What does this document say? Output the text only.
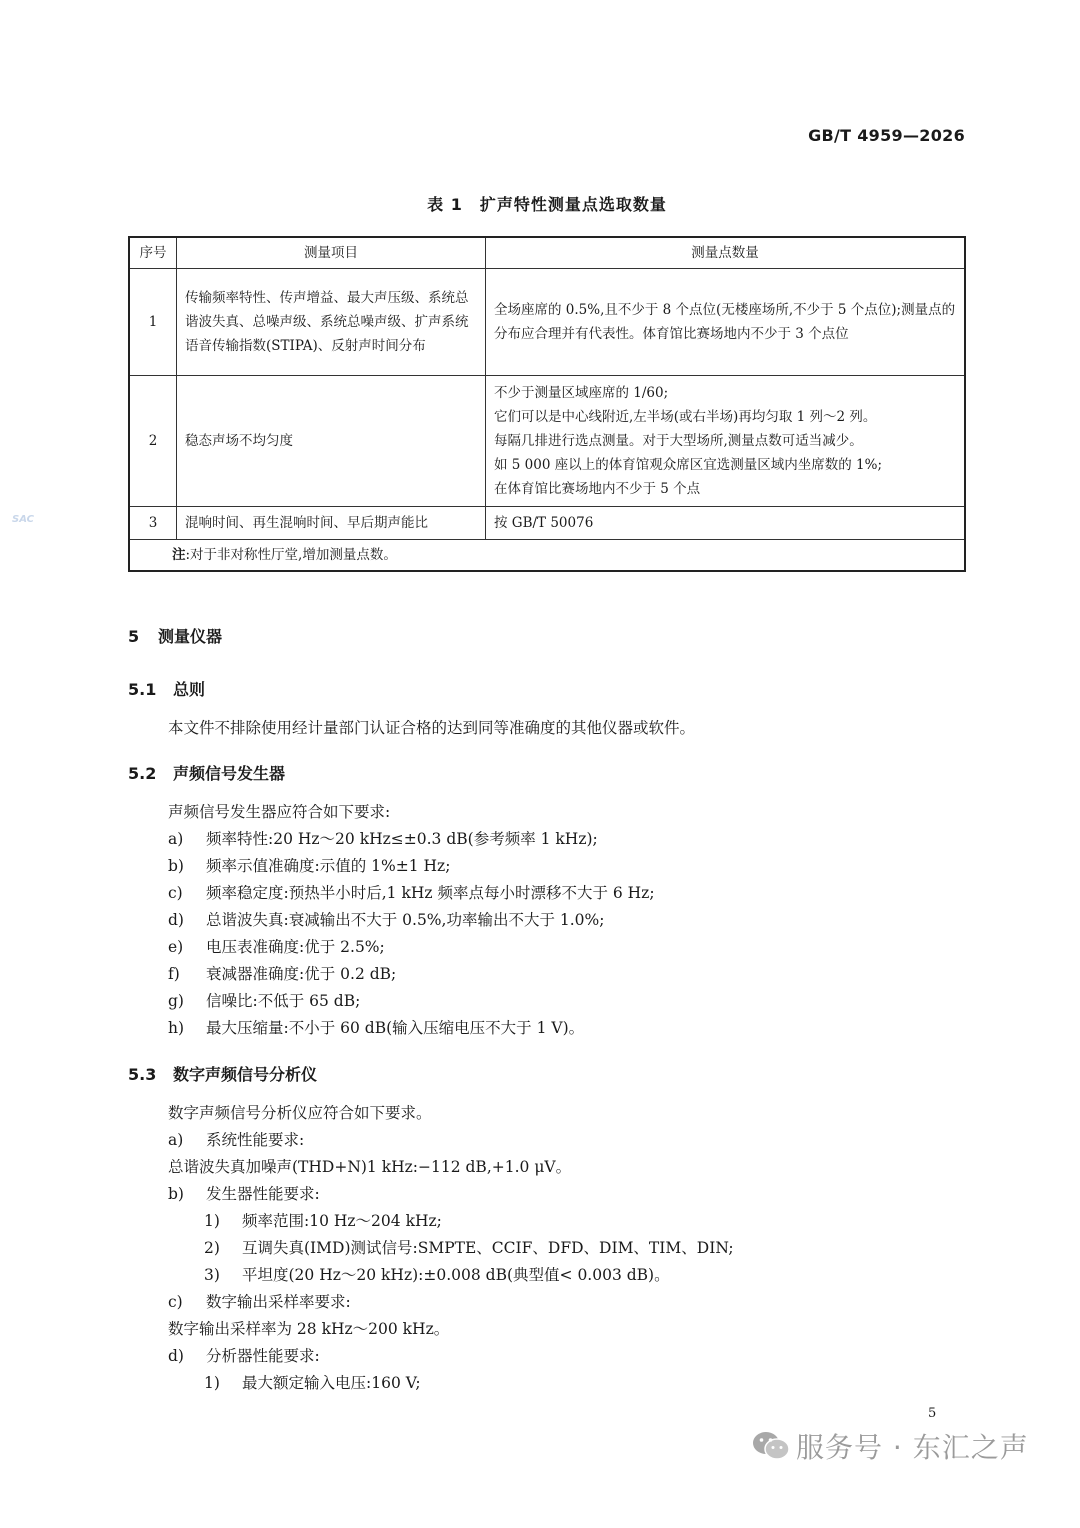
GB/T 4959—2026
SAC
表 1　扩声特性测量点选取数量
序号	测量项目	测量点数量
1	传输频率特性、传声增益、最大声压级、系统总谐波失真、总噪声级、系统总噪声级、扩声系统语音传输指数(STIPA)、反射声时间分布	全场座席的 0.5%,且不少于 8 个点位(无楼座场所,不少于 5 个点位);测量点的分布应合理并有代表性。体育馆比赛场地内不少于 3 个点位
2	稳态声场不均匀度	不少于测量区域座席的 1/60;
它们可以是中心线附近,左半场(或右半场)再均匀取 1 列～2 列。
每隔几排进行选点测量。对于大型场所,测量点数可适当减少。
如 5 000 座以上的体育馆观众席区宜选测量区域内坐席数的 1%;
在体育馆比赛场地内不少于 5 个点

3	混响时间、再生混响时间、早后期声能比	按 GB/T 50076
注:对于非对称性厅堂,增加测量点数。		
5 测量仪器
5.1 总则
本文件不排除使用经计量部门认证合格的达到同等准确度的其他仪器或软件。
5.2 声频信号发生器
声频信号发生器应符合如下要求:
a) 频率特性:20 Hz～20 kHz≤±0.3 dB(参考频率 1 kHz);
b) 频率示值准确度:示值的 1%±1 Hz;
c) 频率稳定度:预热半小时后,1 kHz 频率点每小时漂移不大于 6 Hz;
d) 总谐波失真:衰减输出不大于 0.5%,功率输出不大于 1.0%;
e) 电压表准确度:优于 2.5%;
f) 衰减器准确度:优于 0.2 dB;
g) 信噪比:不低于 65 dB;
h) 最大压缩量:不小于 60 dB(输入压缩电压不大于 1 V)。
5.3 数字声频信号分析仪
数字声频信号分析仪应符合如下要求。
a) 系统性能要求:
总谐波失真加噪声(THD+N)1 kHz:−112 dB,+1.0 μV。
b) 发生器性能要求:
1) 频率范围:10 Hz～204 kHz;
2) 互调失真(IMD)测试信号:SMPTE、CCIF、DFD、DIM、TIM、DIN;
3) 平坦度(20 Hz～20 kHz):±0.008 dB(典型值< 0.003 dB)。
c) 数字输出采样率要求:
数字输出采样率为 28 kHz～200 kHz。
d) 分析器性能要求:
1) 最大额定输入电压:160 V;
5
服务号 · 东汇之声
